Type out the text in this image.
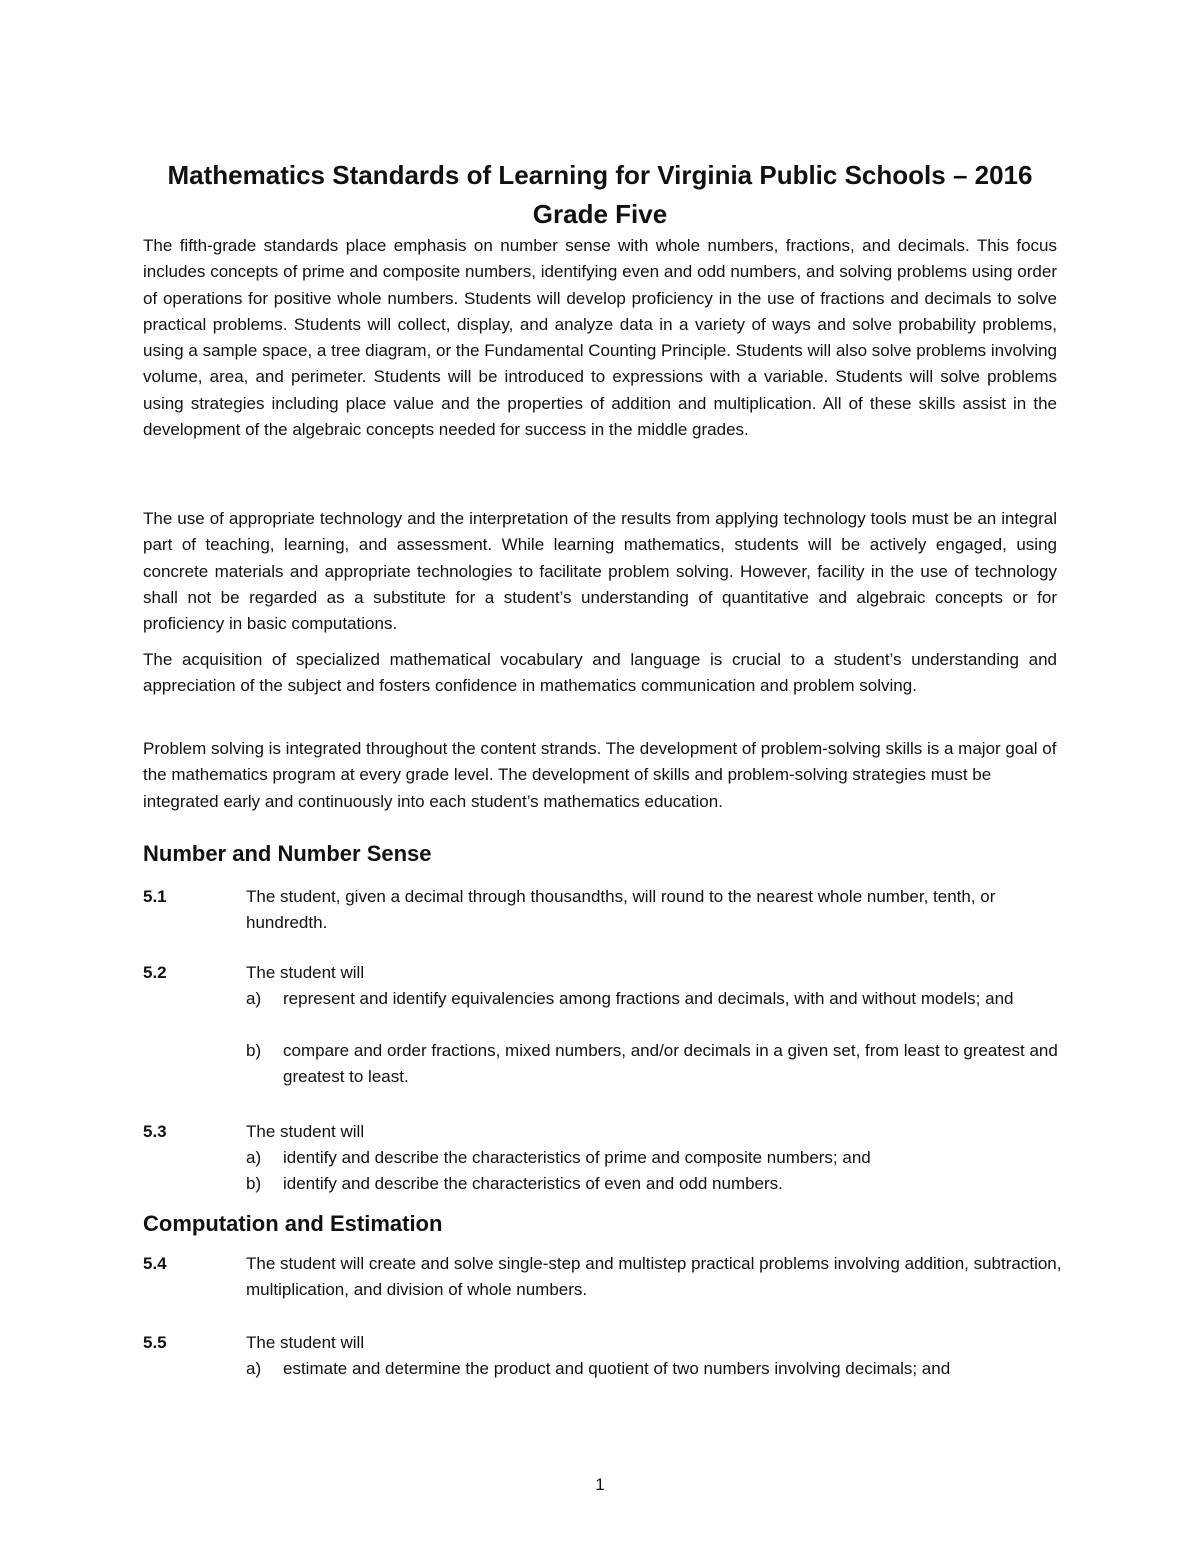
Mathematics Standards of Learning for Virginia Public Schools – 2016
Grade Five

The fifth-grade standards place emphasis on number sense with whole numbers, fractions, and decimals. This focus includes concepts of prime and composite numbers, identifying even and odd numbers, and solving problems using order of operations for positive whole numbers. Students will develop proficiency in the use of fractions and decimals to solve practical problems. Students will collect, display, and analyze data in a variety of ways and solve probability problems, using a sample space, a tree diagram, or the Fundamental Counting Principle. Students will also solve problems involving volume, area, and perimeter. Students will be introduced to expressions with a variable. Students will solve problems using strategies including place value and the properties of addition and multiplication. All of these skills assist in the development of the algebraic concepts needed for success in the middle grades.

The use of appropriate technology and the interpretation of the results from applying technology tools must be an integral part of teaching, learning, and assessment. While learning mathematics, students will be actively engaged, using concrete materials and appropriate technologies to facilitate problem solving. However, facility in the use of technology shall not be regarded as a substitute for a student’s understanding of quantitative and algebraic concepts or for proficiency in basic computations.

The acquisition of specialized mathematical vocabulary and language is crucial to a student’s understanding and appreciation of the subject and fosters confidence in mathematics communication and problem solving.

Problem solving is integrated throughout the content strands. The development of problem-solving skills is a major goal of the mathematics program at every grade level. The development of skills and problem-solving strategies must be integrated early and continuously into each student’s mathematics education.

Number and Number Sense
5.1	The student, given a decimal through thousandths, will round to the nearest whole number, tenth, or hundredth.
5.2	The student will
a) represent and identify equivalencies among fractions and decimals, with and without models; and
b) compare and order fractions, mixed numbers, and/or decimals in a given set, from least to greatest and greatest to least.
5.3	The student will
a) identify and describe the characteristics of prime and composite numbers; and
b) identify and describe the characteristics of even and odd numbers.
Computation and Estimation
5.4	The student will create and solve single-step and multistep practical problems involving addition, subtraction, multiplication, and division of whole numbers.
5.5	The student will
a) estimate and determine the product and quotient of two numbers involving decimals; and
1
